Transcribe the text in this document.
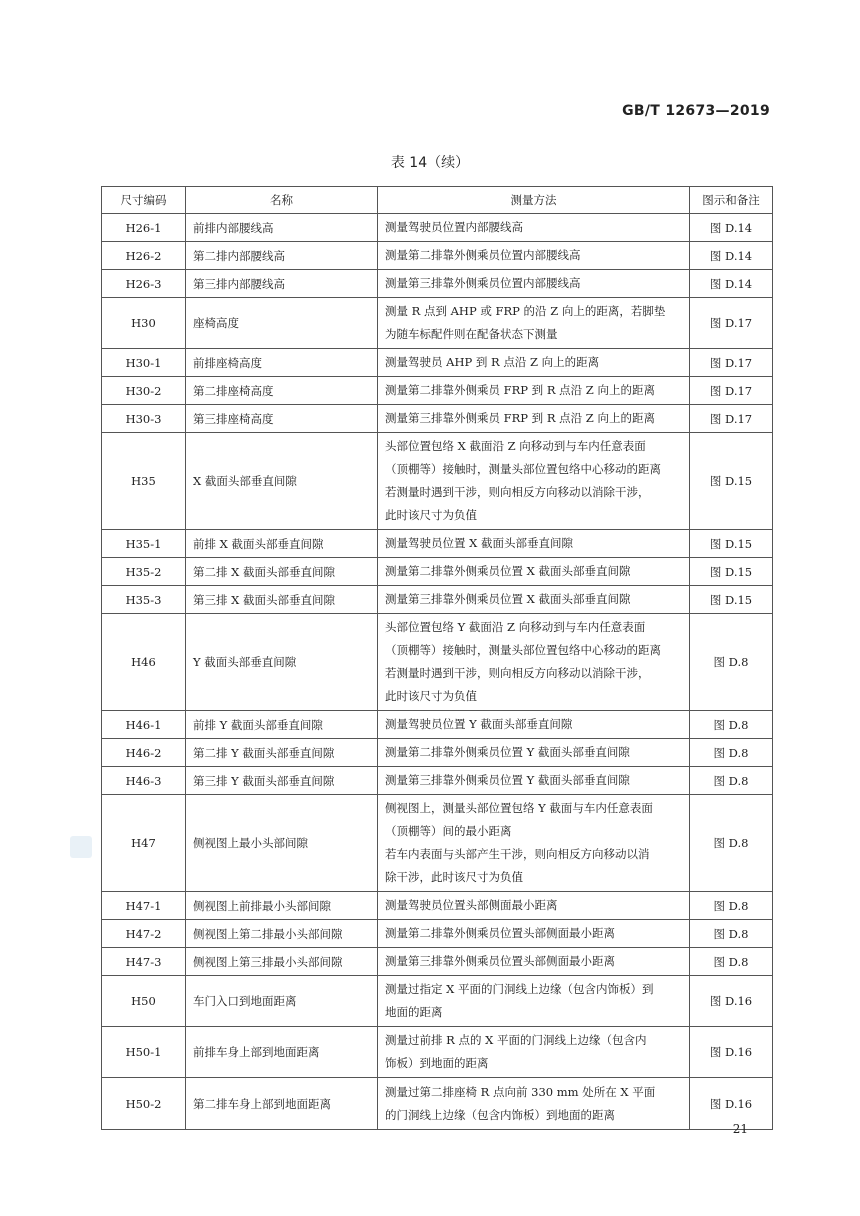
GB/T 12673—2019
表 14（续）
尺寸编码	名称	测量方法	图示和备注
H26-1	前排内部腰线高	测量驾驶员位置内部腰线高	图 D.14
H26-2	第二排内部腰线高	测量第二排靠外侧乘员位置内部腰线高	图 D.14
H26-3	第三排内部腰线高	测量第三排靠外侧乘员位置内部腰线高	图 D.14
H30	座椅高度	测量 R 点到 AHP 或 FRP 的沿 Z 向上的距离，若脚垫
为随车标配件则在配备状态下测量	图 D.17
H30-1	前排座椅高度	测量驾驶员 AHP 到 R 点沿 Z 向上的距离	图 D.17
H30-2	第二排座椅高度	测量第二排靠外侧乘员 FRP 到 R 点沿 Z 向上的距离	图 D.17
H30-3	第三排座椅高度	测量第三排靠外侧乘员 FRP 到 R 点沿 Z 向上的距离	图 D.17
H35	X 截面头部垂直间隙	头部位置包络 X 截面沿 Z 向移动到与车内任意表面
（顶棚等）接触时，测量头部位置包络中心移动的距离
若测量时遇到干涉，则向相反方向移动以消除干涉，
此时该尺寸为负值	图 D.15
H35-1	前排 X 截面头部垂直间隙	测量驾驶员位置 X 截面头部垂直间隙	图 D.15
H35-2	第二排 X 截面头部垂直间隙	测量第二排靠外侧乘员位置 X 截面头部垂直间隙	图 D.15
H35-3	第三排 X 截面头部垂直间隙	测量第三排靠外侧乘员位置 X 截面头部垂直间隙	图 D.15
H46	Y 截面头部垂直间隙	头部位置包络 Y 截面沿 Z 向移动到与车内任意表面
（顶棚等）接触时，测量头部位置包络中心移动的距离
若测量时遇到干涉，则向相反方向移动以消除干涉，
此时该尺寸为负值	图 D.8
H46-1	前排 Y 截面头部垂直间隙	测量驾驶员位置 Y 截面头部垂直间隙	图 D.8
H46-2	第二排 Y 截面头部垂直间隙	测量第二排靠外侧乘员位置 Y 截面头部垂直间隙	图 D.8
H46-3	第三排 Y 截面头部垂直间隙	测量第三排靠外侧乘员位置 Y 截面头部垂直间隙	图 D.8
H47	侧视图上最小头部间隙	侧视图上，测量头部位置包络 Y 截面与车内任意表面
（顶棚等）间的最小距离
若车内表面与头部产生干涉，则向相反方向移动以消
除干涉，此时该尺寸为负值	图 D.8
H47-1	侧视图上前排最小头部间隙	测量驾驶员位置头部侧面最小距离	图 D.8
H47-2	侧视图上第二排最小头部间隙	测量第二排靠外侧乘员位置头部侧面最小距离	图 D.8
H47-3	侧视图上第三排最小头部间隙	测量第三排靠外侧乘员位置头部侧面最小距离	图 D.8
H50	车门入口到地面距离	测量过指定 X 平面的门洞线上边缘（包含内饰板）到
地面的距离	图 D.16
H50-1	前排车身上部到地面距离	测量过前排 R 点的 X 平面的门洞线上边缘（包含内
饰板）到地面的距离	图 D.16
H50-2	第二排车身上部到地面距离	测量过第二排座椅 R 点向前 330 mm 处所在 X 平面
的门洞线上边缘（包含内饰板）到地面的距离	图 D.16
21
